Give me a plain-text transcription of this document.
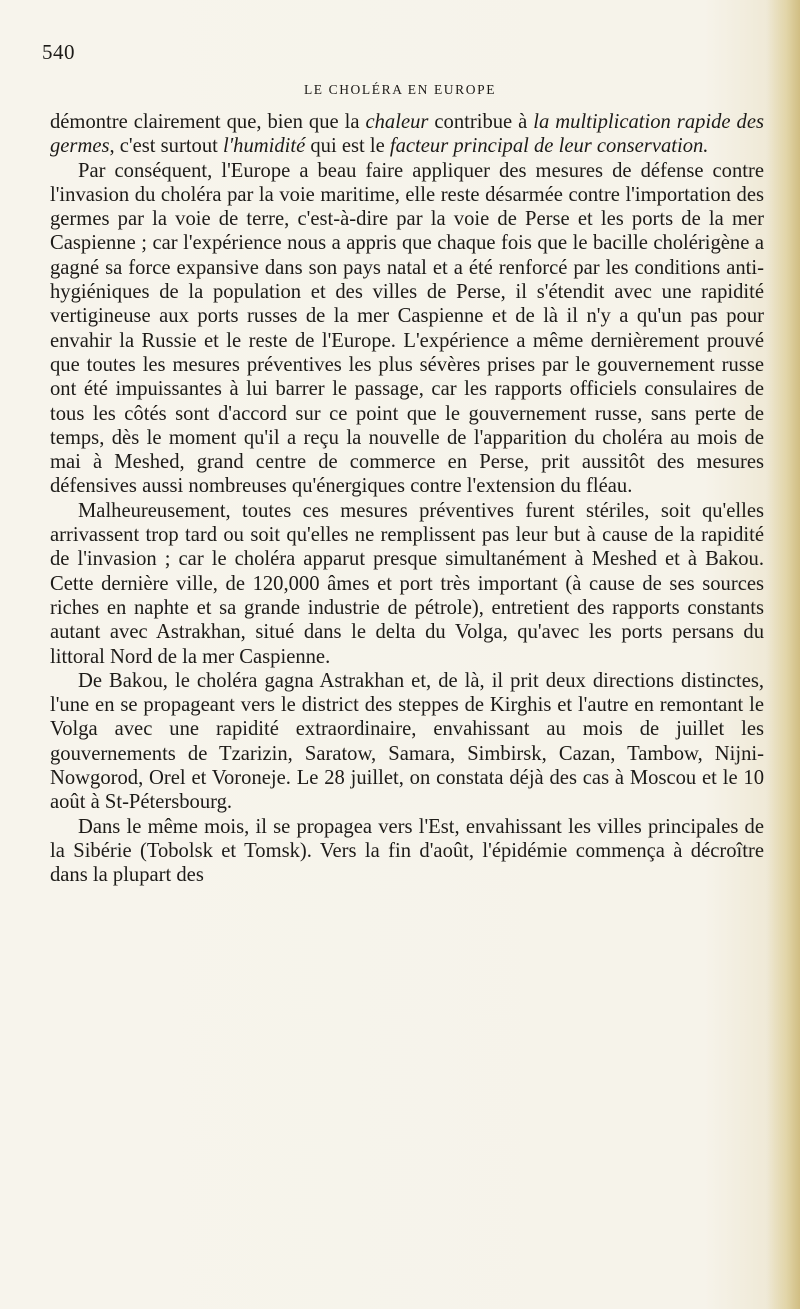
540
LE CHOLÉRA EN EUROPE

démontre clairement que, bien que la chaleur contribue à la multiplication rapide des germes, c'est surtout l'humidité qui est le facteur principal de leur conservation.

Par conséquent, l'Europe a beau faire appliquer des mesures de défense contre l'invasion du choléra par la voie maritime, elle reste désarmée contre l'importation des germes par la voie de terre, c'est-à-dire par la voie de Perse et les ports de la mer Caspienne ; car l'expérience nous a appris que chaque fois que le bacille cholérigène a gagné sa force expansive dans son pays natal et a été renforcé par les conditions anti-hygiéniques de la population et des villes de Perse, il s'étendit avec une rapidité vertigineuse aux ports russes de la mer Caspienne et de là il n'y a qu'un pas pour envahir la Russie et le reste de l'Europe. L'expérience a même dernièrement prouvé que toutes les mesures préventives les plus sévères prises par le gouvernement russe ont été impuissantes à lui barrer le passage, car les rapports officiels consulaires de tous les côtés sont d'accord sur ce point que le gouvernement russe, sans perte de temps, dès le moment qu'il a reçu la nouvelle de l'apparition du choléra au mois de mai à Meshed, grand centre de commerce en Perse, prit aussitôt des mesures défensives aussi nombreuses qu'énergiques contre l'extension du fléau.

Malheureusement, toutes ces mesures préventives furent stériles, soit qu'elles arrivassent trop tard ou soit qu'elles ne remplissent pas leur but à cause de la rapidité de l'invasion ; car le choléra apparut presque simultanément à Meshed et à Bakou. Cette dernière ville, de 120,000 âmes et port très important (à cause de ses sources riches en naphte et sa grande industrie de pétrole), entretient des rapports constants autant avec Astrakhan, situé dans le delta du Volga, qu'avec les ports persans du littoral Nord de la mer Caspienne.

De Bakou, le choléra gagna Astrakhan et, de là, il prit deux directions distinctes, l'une en se propageant vers le district des steppes de Kirghis et l'autre en remontant le Volga avec une rapidité extraordinaire, envahissant au mois de juillet les gouvernements de Tzarizin, Saratow, Samara, Simbirsk, Cazan, Tambow, Nijni-Nowgorod, Orel et Voroneje. Le 28 juillet, on constata déjà des cas à Moscou et le 10 août à St-Pétersbourg.

Dans le même mois, il se propagea vers l'Est, envahissant les villes principales de la Sibérie (Tobolsk et Tomsk). Vers la fin d'août, l'épidémie commença à décroître dans la plupart des
